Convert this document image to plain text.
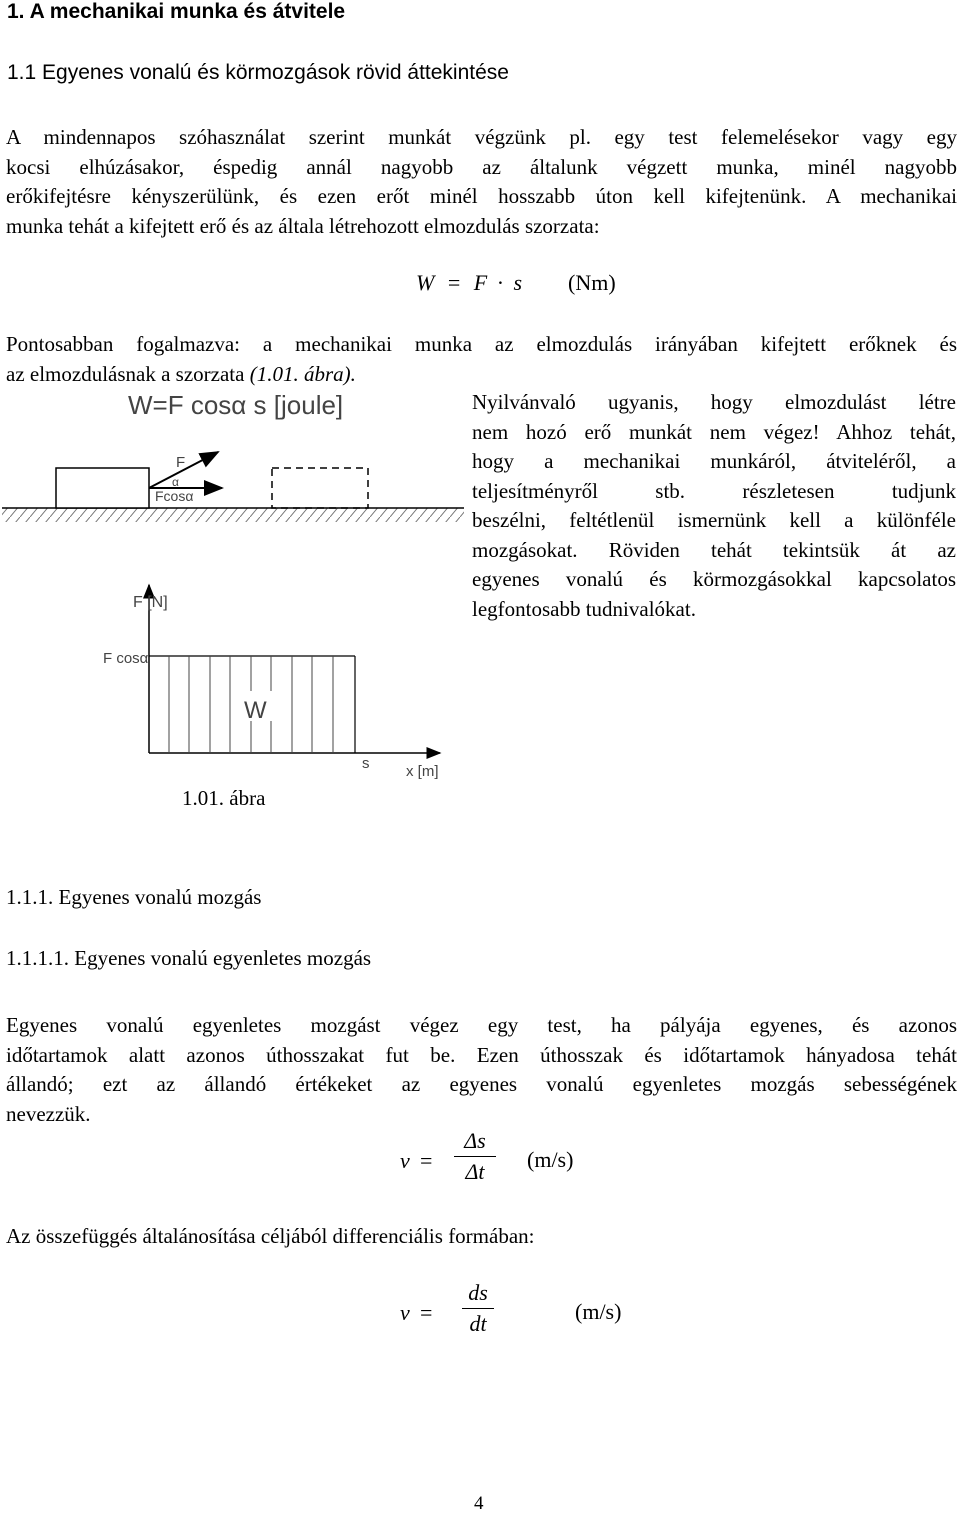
1. A mechanikai munka és átvitele
1.1 Egyenes vonalú és körmozgások rövid áttekintése
A mindennapos szóhasználat szerint munkát végzünk pl. egy test felemelésekor vagy egy
kocsi elhúzásakor, éspedig annál nagyobb az általunk végzett munka, minél nagyobb
erőkifejtésre kényszerülünk, és ezen erőt minél hosszabb úton kell kifejtenünk. A mechanikai
munka tehát a kifejtett erő és az általa létrehozott elmozdulás szorzata:
W = F · s (Nm)
Pontosabban fogalmazva: a mechanikai munka az elmozdulás irányában kifejtett erőknek és
az elmozdulásnak a szorzata (1.01. ábra).
Nyilvánvaló ugyanis, hogy elmozdulást létre
nem hozó erő munkát nem végez! Ahhoz tehát,
hogy a mechanikai munkáról, átviteléről, a
teljesítményről stb. részletesen tudjunk
beszélni, feltétlenül ismernünk kell a különféle
mozgásokat. Röviden tehát tekintsük át az
egyenes vonalú és körmozgásokkal kapcsolatos
legfontosabb tudnivalókat.
W=F cosα s [joule]
F
α
Fcosα
F [N]
F cosα
W
s x [m]
1.01. ábra
1.1.1. Egyenes vonalú mozgás
1.1.1.1. Egyenes vonalú egyenletes mozgás
Egyenes vonalú egyenletes mozgást végez egy test, ha pályája egyenes, és azonos
időtartamok alatt azonos úthosszakat fut be. Ezen úthosszak és időtartamok hányadosa tehát
állandó; ezt az állandó értékeket az egyenes vonalú egyenletes mozgás sebességének
nevezzük.
v =
Δs
Δt	(m/s)
Az összefüggés általánosítása céljából differenciális formában:
v =
ds
dt	(m/s)
4
